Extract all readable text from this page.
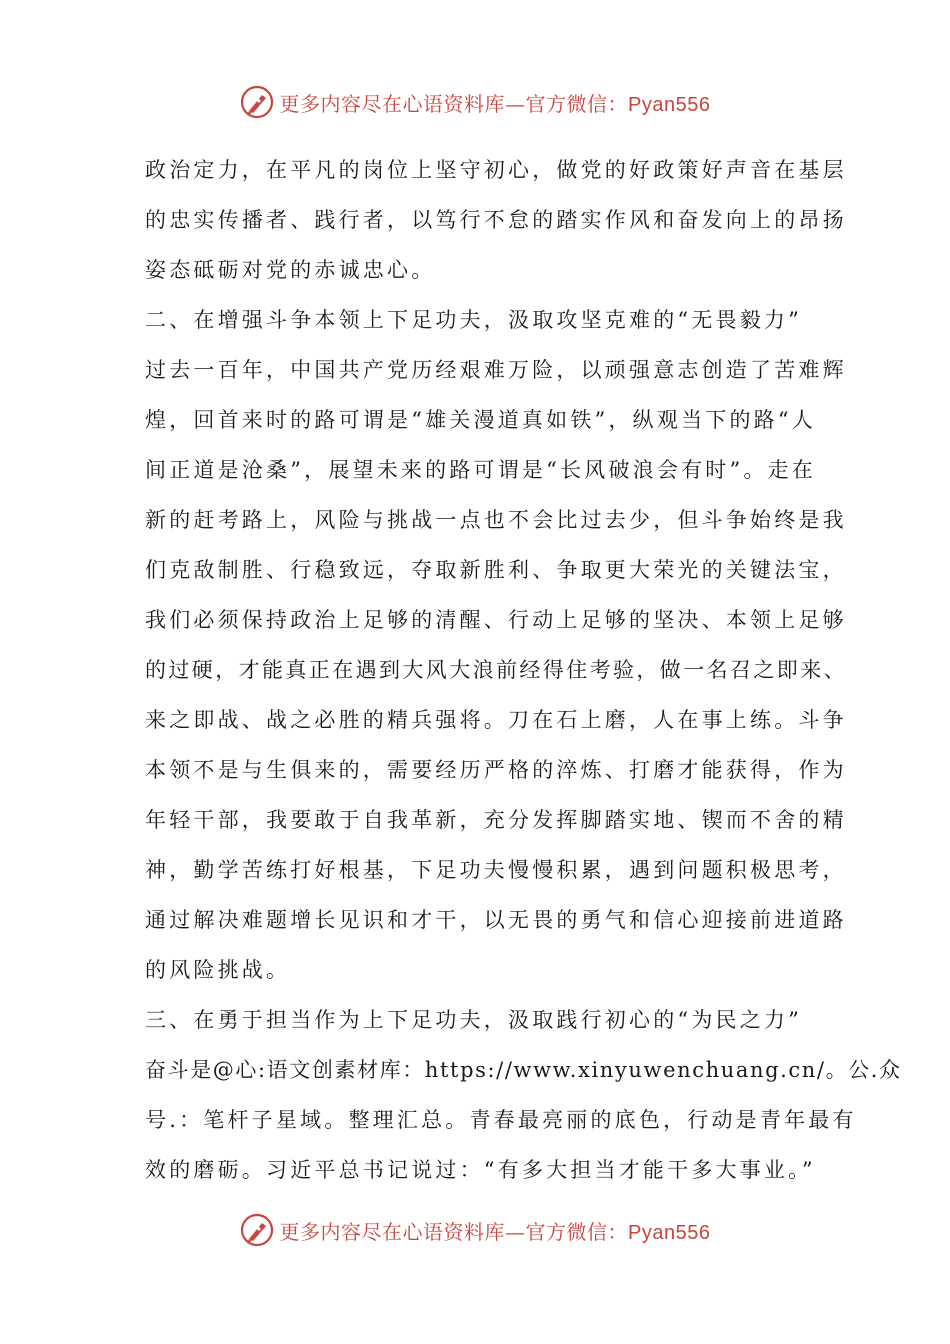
更多内容尽在心语资料库—官方微信：Pyan556
政治定力，在平凡的岗位上坚守初心，做党的好政策好声音在基层
的忠实传播者、践行者，以笃行不怠的踏实作风和奋发向上的昂扬
姿态砥砺对党的赤诚忠心。
二、在增强斗争本领上下足功夫，汲取攻坚克难的“无畏毅力”
过去一百年，中国共产党历经艰难万险，以顽强意志创造了苦难辉
煌，回首来时的路可谓是“雄关漫道真如铁”，纵观当下的路“人
间正道是沧桑”，展望未来的路可谓是“长风破浪会有时”。走在
新的赶考路上，风险与挑战一点也不会比过去少，但斗争始终是我
们克敌制胜、行稳致远，夺取新胜利、争取更大荣光的关键法宝，
我们必须保持政治上足够的清醒、行动上足够的坚决、本领上足够
的过硬，才能真正在遇到大风大浪前经得住考验，做一名召之即来、
来之即战、战之必胜的精兵强将。刀在石上磨，人在事上练。斗争
本领不是与生俱来的，需要经历严格的淬炼、打磨才能获得，作为
年轻干部，我要敢于自我革新，充分发挥脚踏实地、锲而不舍的精
神，勤学苦练打好根基，下足功夫慢慢积累，遇到问题积极思考，
通过解决难题增长见识和才干，以无畏的勇气和信心迎接前进道路
的风险挑战。
三、在勇于担当作为上下足功夫，汲取践行初心的“为民之力”
奋斗是@心:语文创素材库：https://www.xinyuwenchuang.cn/。公.众
号.：笔杆子星域。整理汇总。青春最亮丽的底色，行动是青年最有
效的磨砺。习近平总书记说过：“有多大担当才能干多大事业。”
更多内容尽在心语资料库—官方微信：Pyan556
